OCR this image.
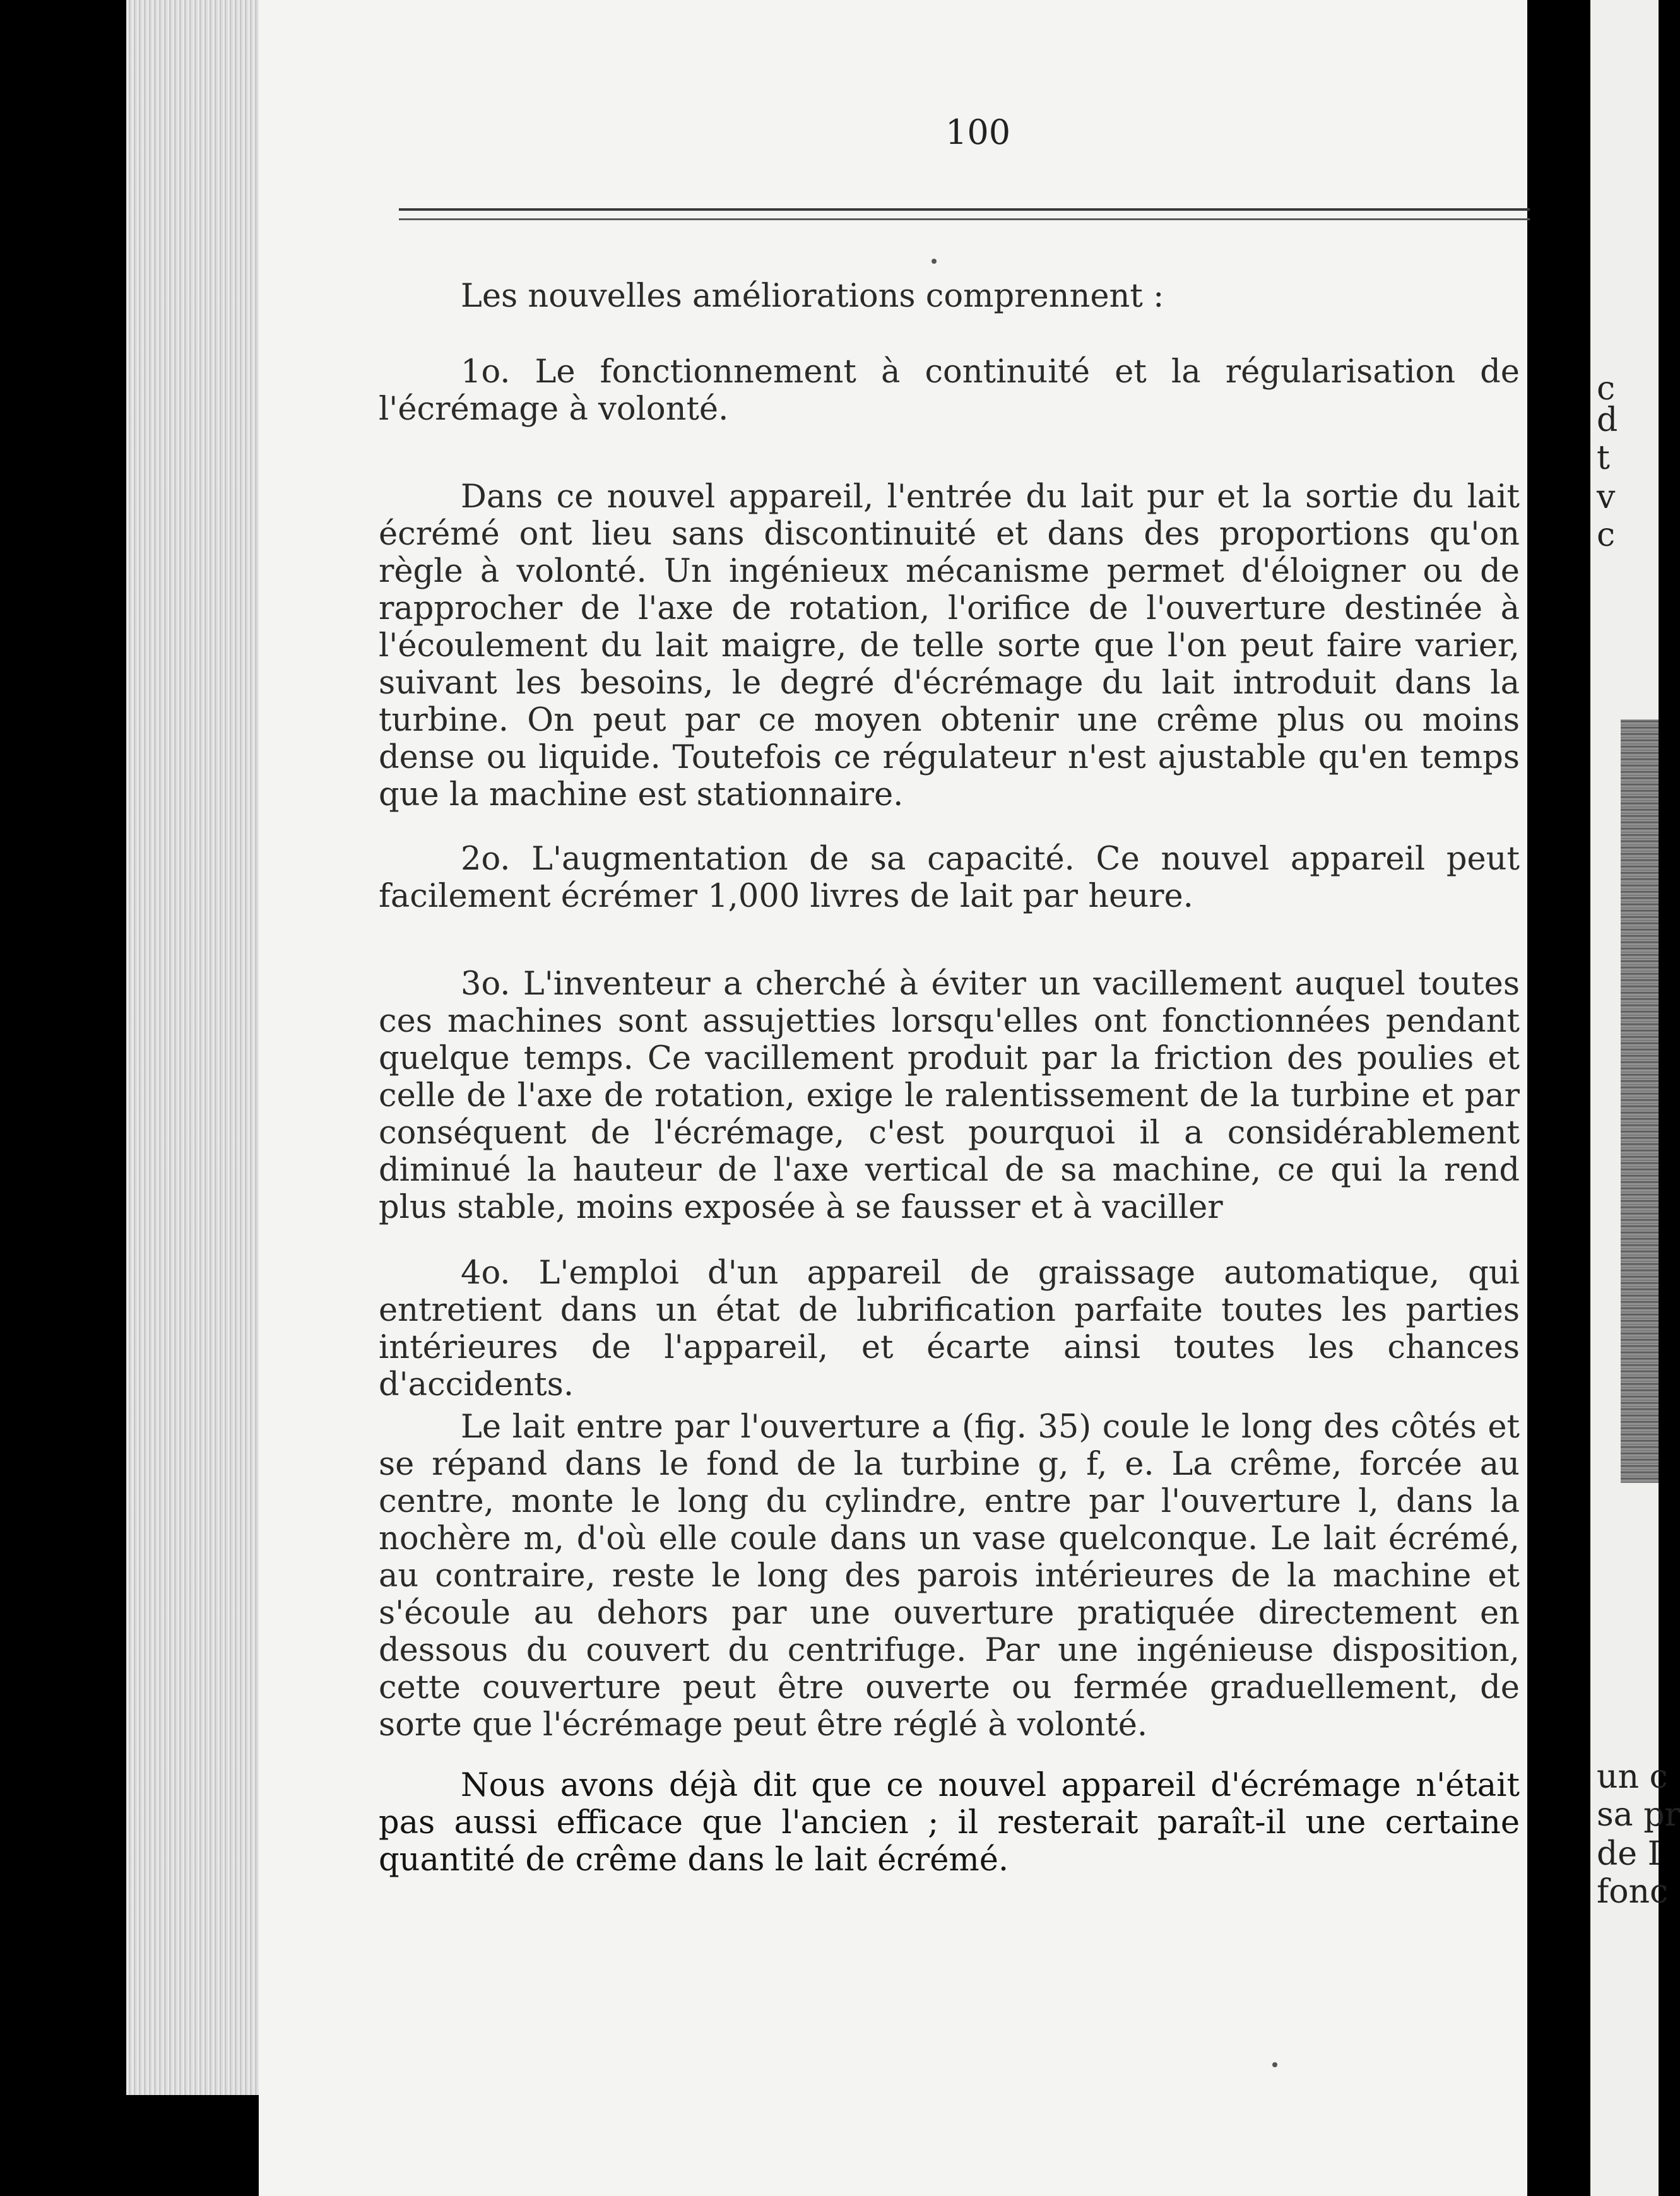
c
d
t
v
c
un c
sa pr
de I
fonc
100

Les nouvelles améliorations comprennent :

1o. Le fonctionnement à continuité et la régularisation de l'écrémage à volonté.

Dans ce nouvel appareil, l'entrée du lait pur et la sortie du lait écrémé ont lieu sans discontinuité et dans des proportions qu'on règle à volonté. Un ingénieux mécanisme permet d'éloigner ou de rapprocher de l'axe de rotation, l'orifice de l'ouverture destinée à l'écoulement du lait maigre, de telle sorte que l'on peut faire varier, suivant les besoins, le degré d'écrémage du lait introduit dans la turbine. On peut par ce moyen obtenir une crême plus ou moins dense ou liquide. Toutefois ce régulateur n'est ajustable qu'en temps que la machine est stationnaire.

2o. L'augmentation de sa capacité. Ce nouvel appareil peut facilement écrémer 1,000 livres de lait par heure.

3o. L'inventeur a cherché à éviter un vacillement auquel toutes ces machines sont assujetties lorsqu'elles ont fonctionnées pendant quelque temps. Ce vacillement produit par la friction des poulies et celle de l'axe de rotation, exige le ralentissement de la turbine et par conséquent de l'écrémage, c'est pourquoi il a considérablement diminué la hauteur de l'axe vertical de sa machine, ce qui la rend plus stable, moins exposée à se fausser et à vaciller

4o. L'emploi d'un appareil de graissage automatique, qui entretient dans un état de lubrification parfaite toutes les parties intérieures de l'appareil, et écarte ainsi toutes les chances d'accidents.

Le lait entre par l'ouverture a (fig. 35) coule le long des côtés et se répand dans le fond de la turbine g, f, e. La crême, forcée au centre, monte le long du cylindre, entre par l'ouverture l, dans la nochère m, d'où elle coule dans un vase quelconque. Le lait écrémé, au contraire, reste le long des parois intérieures de la machine et s'écoule au dehors par une ouverture pratiquée directement en dessous du couvert du centrifuge. Par une ingénieuse disposition, cette couverture peut être ouverte ou fermée graduellement, de sorte que l'écrémage peut être réglé à volonté.

Nous avons déjà dit que ce nouvel appareil d'écrémage n'était pas aussi efficace que l'ancien ; il resterait paraît-il une certaine quantité de crême dans le lait écrémé.
